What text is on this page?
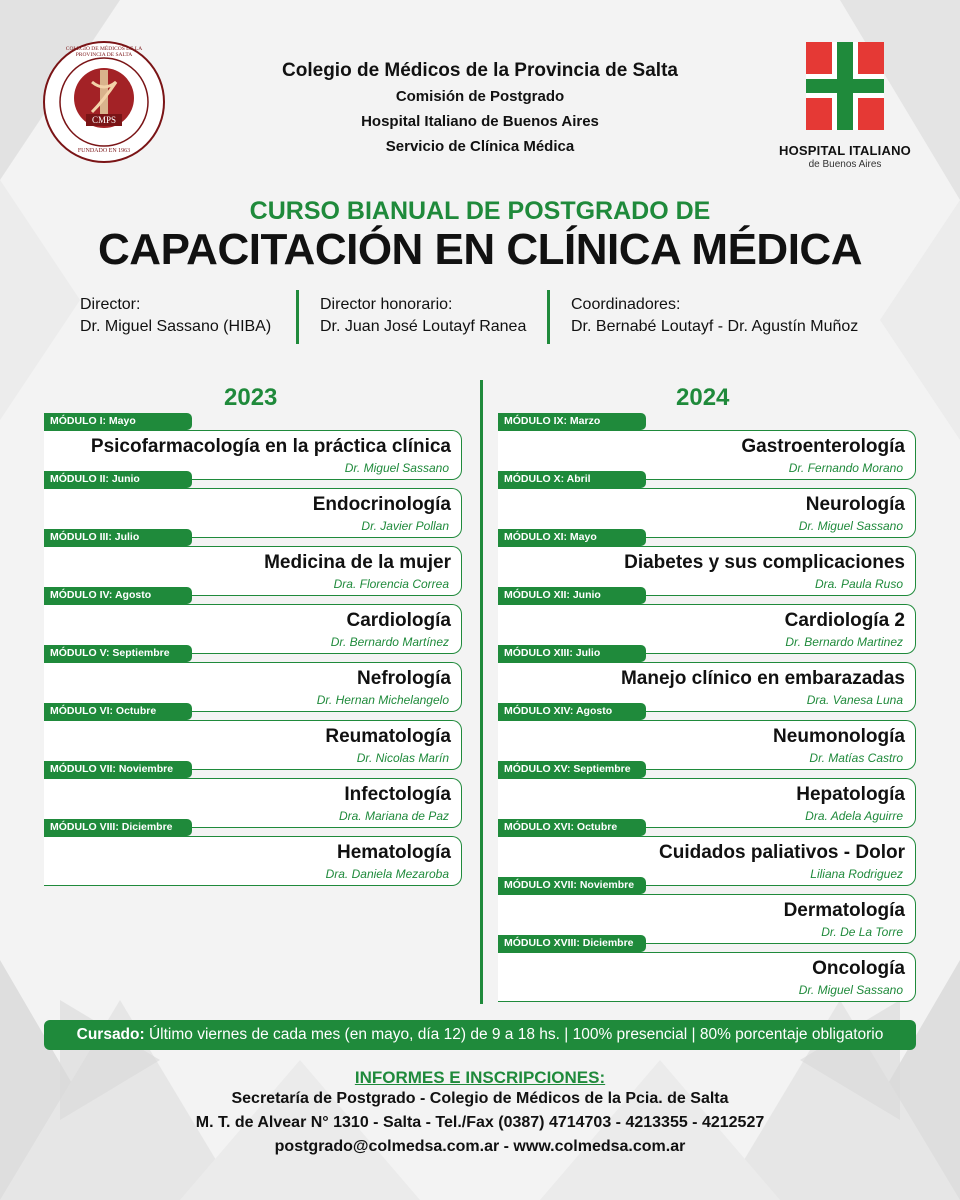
CMPS
COLEGIO DE MÉDICOS DE LA PROVINCIA DE SALTA
FUNDADO EN 1963	HOSPITAL ITALIANO
de Buenos Aires
Colegio de Médicos de la Provincia de Salta
Comisión de Postgrado
Hospital Italiano de Buenos Aires
Servicio de Clínica Médica
CURSO BIANUAL DE POSTGRADO DE
CAPACITACIÓN EN CLÍNICA MÉDICA
Director:
Dr. Miguel Sassano (HIBA)
Director honorario:
Dr. Juan José Loutayf Ranea
Coordinadores:
Dr. Bernabé Loutayf - Dr. Agustín Muñoz
2023	2024
MÓDULO I: Mayo
Psicofarmacología en la práctica clínica
Dr. Miguel Sassano
MÓDULO II: Junio
Endocrinología
Dr. Javier Pollan
MÓDULO III: Julio
Medicina de la mujer
Dra. Florencia Correa
MÓDULO IV: Agosto
Cardiología
Dr. Bernardo Martínez
MÓDULO V: Septiembre
Nefrología
Dr. Hernan Michelangelo
MÓDULO VI: Octubre
Reumatología
Dr. Nicolas Marín
MÓDULO VII: Noviembre
Infectología
Dra. Mariana de Paz
MÓDULO VIII: Diciembre
Hematología
Dra. Daniela Mezaroba
MÓDULO IX: Marzo
Gastroenterología
Dr. Fernando Morano
MÓDULO X: Abril
Neurología
Dr. Miguel Sassano
MÓDULO XI: Mayo
Diabetes y sus complicaciones
Dra. Paula Ruso
MÓDULO XII: Junio
Cardiología 2
Dr. Bernardo Martinez
MÓDULO XIII: Julio
Manejo clínico en embarazadas
Dra. Vanesa Luna
MÓDULO XIV: Agosto
Neumonología
Dr. Matías Castro
MÓDULO XV: Septiembre
Hepatología
Dra. Adela Aguirre
MÓDULO XVI: Octubre
Cuidados paliativos - Dolor
Liliana Rodriguez
MÓDULO XVII: Noviembre
Dermatología
Dr. De La Torre
MÓDULO XVIII: Diciembre
Oncología
Dr. Miguel Sassano
Cursado: Último viernes de cada mes (en mayo, día 12) de 9 a 18 hs. | 100% presencial | 80% porcentaje obligatorio
INFORMES E INSCRIPCIONES:
Secretaría de Postgrado - Colegio de Médicos de la Pcia. de Salta
M. T. de Alvear N° 1310 - Salta - Tel./Fax (0387) 4714703 - 4213355 - 4212527
postgrado@colmedsa.com.ar - www.colmedsa.com.ar
